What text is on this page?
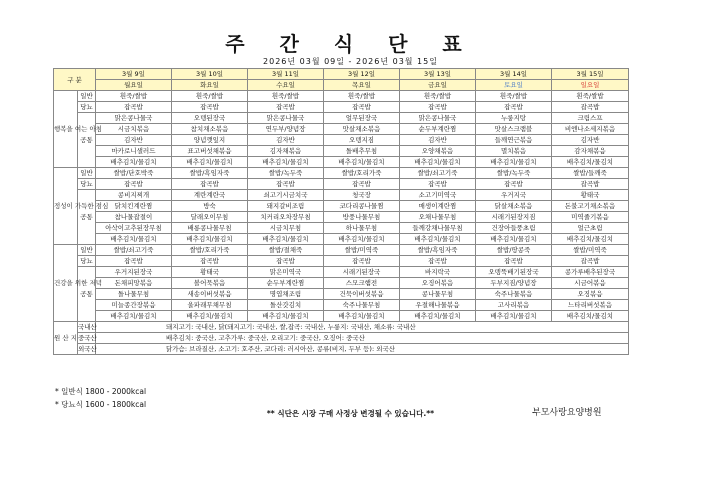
주 간 식 단 표
2026년 03월 09일 - 2026년 03월 15일
구 분		3월 9일	3월 10일	3월 11일	3월 12일	3월 13일	3월 14일	3월 15일
		월요일	화요일	수요일	목요일	금요일	토요일	일요일
행복을 여는 아침	일반	흰죽/쌀밥	흰죽/쌀밥	흰죽/쌀밥	흰죽/쌀밥	흰죽/쌀밥	흰죽/쌀밥	흰죽/쌀밥
	당뇨	잡곡밥	잡곡밥	잡곡밥	잡곡밥	잡곡밥	잡곡밥	잡곡밥
	공통	맑은콩나물국	오뎅된장국	맑은콩나물국	얼무된장국	맑은콩나물국	누룽지탕	크림스프
		시금치볶음	참치채소볶음	연두부/양념장	맛살채소볶음	순두부계란찜	맛살스크램블	비엔나소세지볶음
		김자반	양념깻잎지	김자반	오뎅지짐	김자반	들깨연근볶음	김자반
		마카로니샐러드	표고버섯채볶음	김자채볶음	돌배추무침	오양채볶음	멸치볶음	감자채볶음
		배추김치/물김치	배추김치/물김치	배추김치/물김치	배추김치/물김치	배추김치/물김치	배추김치/물김치	배추김치/물김치
정성이 가득한 점심	일반	쌀밥/단호박죽	쌀밥/흑임자죽	쌀밥/녹두죽	쌀밥/호리가죽	쌀밥/쇠고기죽	쌀밥/녹두죽	쌀밥/들깨죽
	당뇨	잡곡밥	잡곡밥	잡곡밥	잡곡밥	잡곡밥	잡곡밥	잡곡밥
	공통	콩비지찌개	계란계란국	쇠고기시금치국	청국장	소고기미역국	우거지국	황태국
		닭치킨계란찜	방숙	돼지갈비조림	코다리콩나물찜	매생이계란찜	닭살채소볶음	돈불고기채소볶음
		참나물잡절이	달래오이무침	치커리오차장무침	방풍나물무침	오채나물무침	시래기된장지짐	미역줄기볶음
		아삭이고추된장무침	배롱콩나물무침	시금치무침	하나물무침	들깨강채나물무침	건장아들풍초림	얼근초림
		배추김치/물김치	배추김치/물김치	배추김치/물김치	배추김치/물김치	배추김치/물김치	배추김치/물김치	배추김치/물김치
건강을 위한 저녁	일반	쌀밥/쇠고기죽	쌀밥/호리가죽	쌀밥/절채죽	쌀밥/미역죽	쌀밥/흑임자죽	쌀밥/땅콩죽	쌀밥/미역죽
	당뇨	잡곡밥	잡곡밥	잡곡밥	잡곡밥	잡곡밥	잡곡밥	잡곡밥
	공통	우거지된장국	황태국	맑은미역국	시래기된장국	바지락국	오뎅뚝배기된장국	콩가루배추된장국
		돈채피망볶음	볼어묵볶음	순두부계란찜	스모크햄전	오징어볶음	두부지짐/양념장	시금어볶음
		돌나물무침	새송이버섯볶음	명엽채조림	건묵이버섯볶음	콩나물무침	숙주나물볶음	오징볶음
		미늘종간장볶음	울파래무채무침	돌산갓김치	숙주나물무침	우절해나물볶음	고사리볶음	느타리버섯볶음
		배추김치/물김치	배추김치/물김치	배추김치/물김치	배추김치/물김치	배추김치/물김치	배추김치/물김치	배추김치/물김치
원 산 지	국내산	돼지고기: 국내산, 닭(돼지고기: 국내산, 쌀,잡곡: 국내산, 누룽지: 국내산, 채소류: 국내산						
	중국산	배추김치: 중국산, 고추가루: 중국산, 오리고기: 중국산, 오징어: 중국산						
	외국산	닭가슴: 브라질산, 소고기: 호주산, 코다리: 러시아산, 콩류(비지, 두부 등): 외국산						
* 일반식 1800 - 2000kcal
* 당뇨식 1600 - 1800kcal
** 식단은 시장 구매 사정상 변경될 수 있습니다.**	부모사랑요양병원
